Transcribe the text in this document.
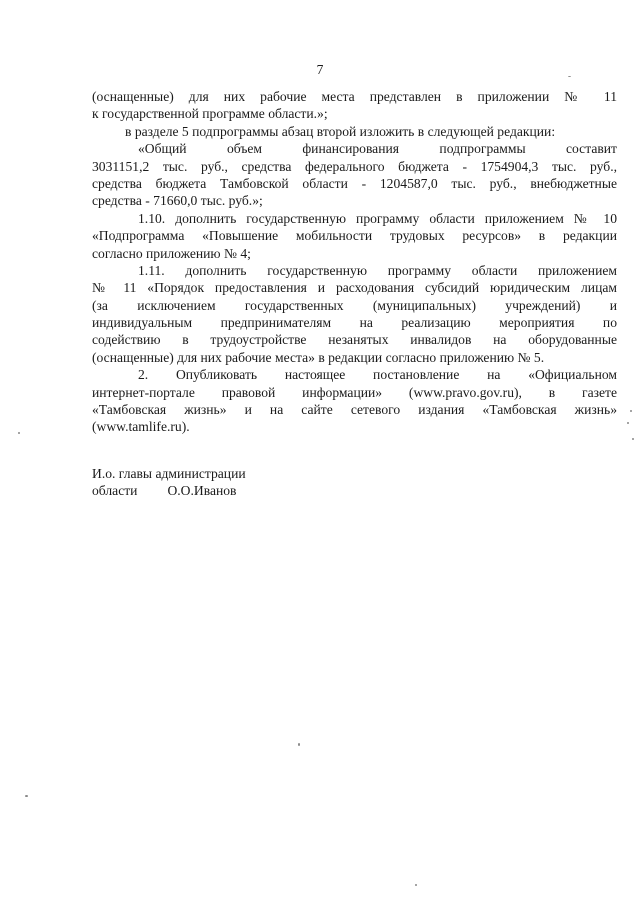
7
(оснащенные) для них рабочие места представлен в приложении № 11
к государственной программе области.»;
в разделе 5 подпрограммы абзац второй изложить в следующей редакции:
«Общий объем финансирования подпрограммы составит
3031151,2 тыс. руб., средства федерального бюджета - 1754904,3 тыс. руб.,
средства бюджета Тамбовской области - 1204587,0 тыс. руб., внебюджетные
средства - 71660,0 тыс. руб.»;
1.10. дополнить государственную программу области приложением № 10
«Подпрограмма «Повышение мобильности трудовых ресурсов» в редакции
согласно приложению № 4;
1.11. дополнить государственную программу области приложением
№ 11 «Порядок предоставления и расходования субсидий юридическим лицам
(за исключением государственных (муниципальных) учреждений) и
индивидуальным предпринимателям на реализацию мероприятия по
содействию в трудоустройстве незанятых инвалидов на оборудованные
(оснащенные) для них рабочие места» в редакции согласно приложению № 5.
2. Опубликовать настоящее постановление на «Официальном
интернет-портале правовой информации» (www.pravo.gov.ru), в газете
«Тамбовская жизнь» и на сайте сетевого издания «Тамбовская жизнь»
(www.tamlife.ru).
И.о. главы администрации
области О.О.Иванов
